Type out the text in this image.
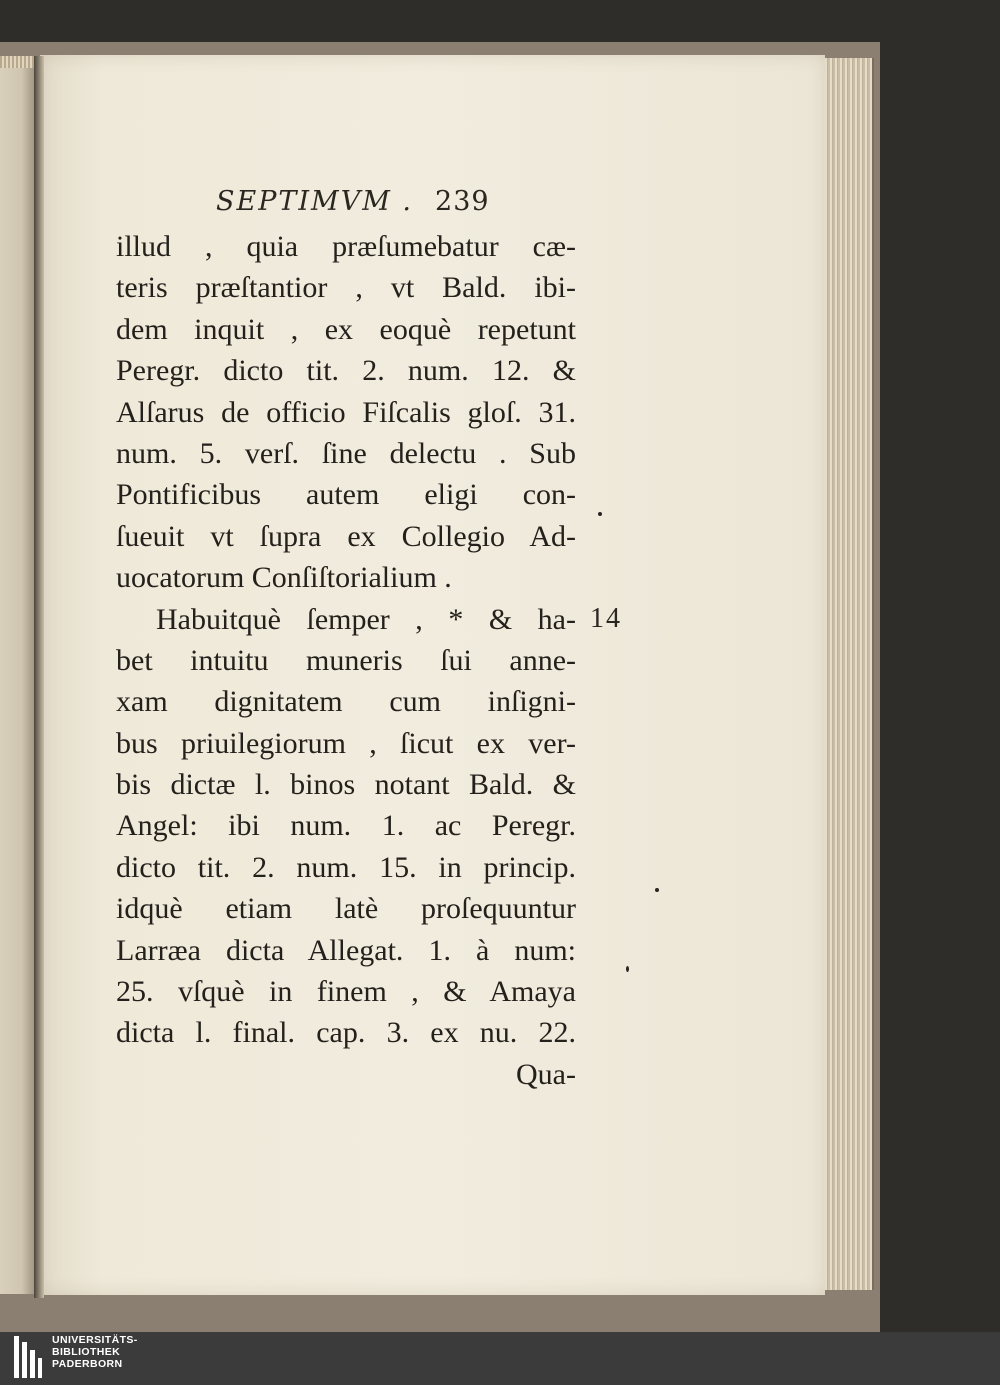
SEPTIMVM . 239
illud , quia præſumebatur cæ-
teris præſtantior , vt Bald. ibi-
dem inquit , ex eoquè repetunt
Peregr. dicto tit. 2. num. 12. &
Alſarus de officio Fiſcalis gloſ. 31.
num. 5. verſ. ſine delectu . Sub
Pontificibus autem eligi con-
ſueuit vt ſupra ex Collegio Ad-
uocatorum Conſiſtorialium .
Habuitquè ſemper , * & ha-
bet intuitu muneris ſui anne-
xam dignitatem cum inſigni-
bus priuilegiorum , ſicut ex ver-
bis dictæ l. binos notant Bald. &
Angel: ibi num. 1. ac Peregr.
dicto tit. 2. num. 15. in princip.
idquè etiam latè proſequuntur
Larræa dicta Allegat. 1. à num:
25. vſquè in finem , & Amaya
dicta l. final. cap. 3. ex nu. 22.
Qua-
14
UNIVERSITÄTS-
BIBLIOTHEK
PADERBORN
